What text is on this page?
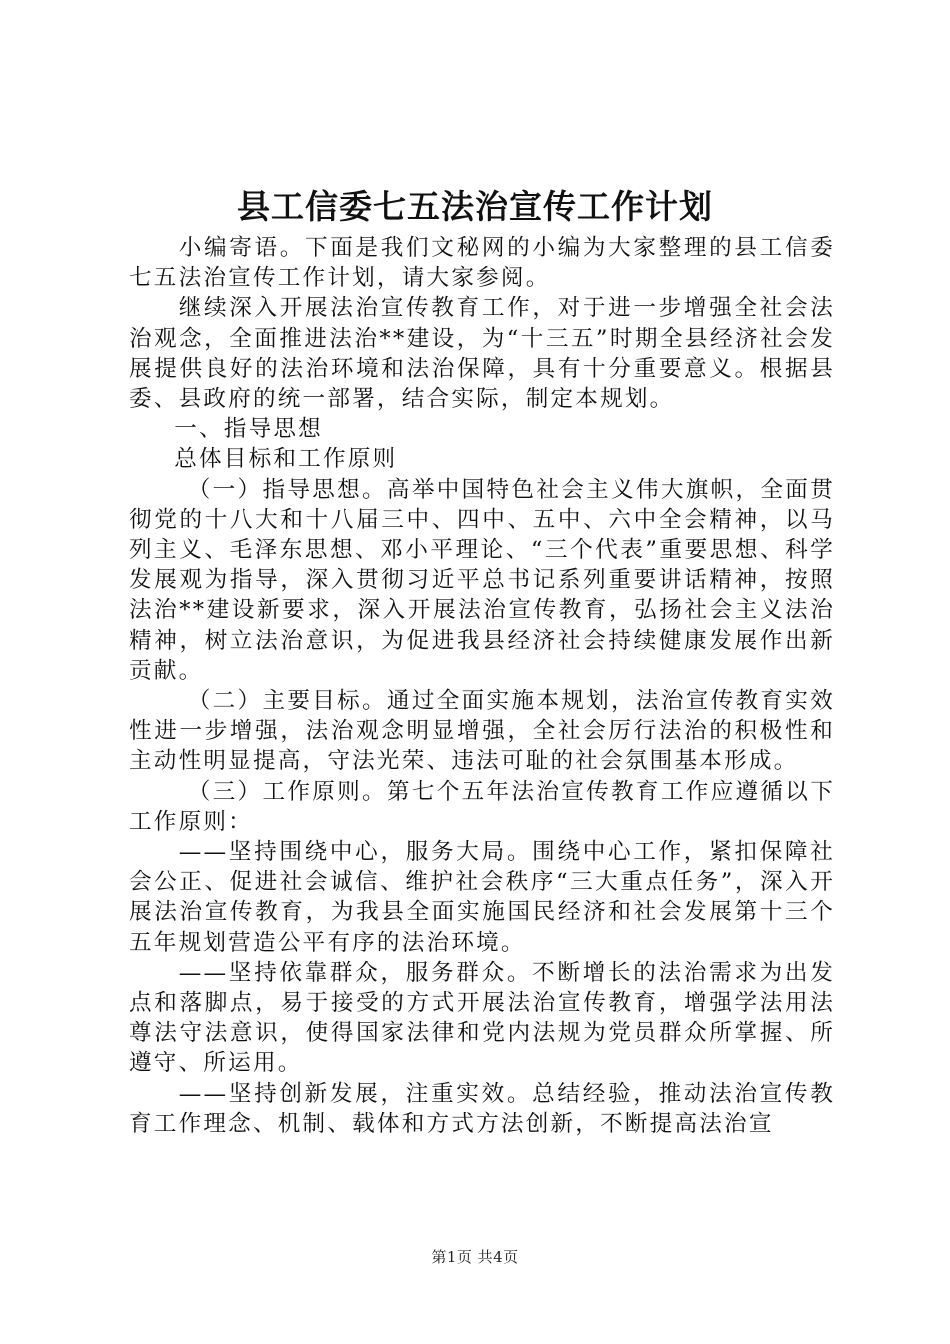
县工信委七五法治宣传工作计划

小编寄语。下面是我们文秘网的小编为大家整理的县工信委七五法治宣传工作计划，请大家参阅。

继续深入开展法治宣传教育工作，对于进一步增强全社会法治观念，全面推进法治**建设，为“十三五”时期全县经济社会发展提供良好的法治环境和法治保障，具有十分重要意义。根据县委、县政府的统一部署，结合实际，制定本规划。

一、指导思想

总体目标和工作原则

（一）指导思想。高举中国特色社会主义伟大旗帜，全面贯彻党的十八大和十八届三中、四中、五中、六中全会精神，以马列主义、毛泽东思想、邓小平理论、“三个代表”重要思想、科学发展观为指导，深入贯彻习近平总书记系列重要讲话精神，按照法治**建设新要求，深入开展法治宣传教育，弘扬社会主义法治精神，树立法治意识，为促进我县经济社会持续健康发展作出新贡献。

（二）主要目标。通过全面实施本规划，法治宣传教育实效性进一步增强，法治观念明显增强，全社会厉行法治的积极性和主动性明显提高，守法光荣、违法可耻的社会氛围基本形成。

（三）工作原则。第七个五年法治宣传教育工作应遵循以下工作原则：

——坚持围绕中心，服务大局。围绕中心工作，紧扣保障社会公正、促进社会诚信、维护社会秩序“三大重点任务”，深入开展法治宣传教育，为我县全面实施国民经济和社会发展第十三个五年规划营造公平有序的法治环境。

——坚持依靠群众，服务群众。不断增长的法治需求为出发点和落脚点，易于接受的方式开展法治宣传教育，增强学法用法尊法守法意识，使得国家法律和党内法规为党员群众所掌握、所遵守、所运用。

——坚持创新发展，注重实效。总结经验，推动法治宣传教育工作理念、机制、载体和方式方法创新，不断提高法治宣

第1页 共4页
